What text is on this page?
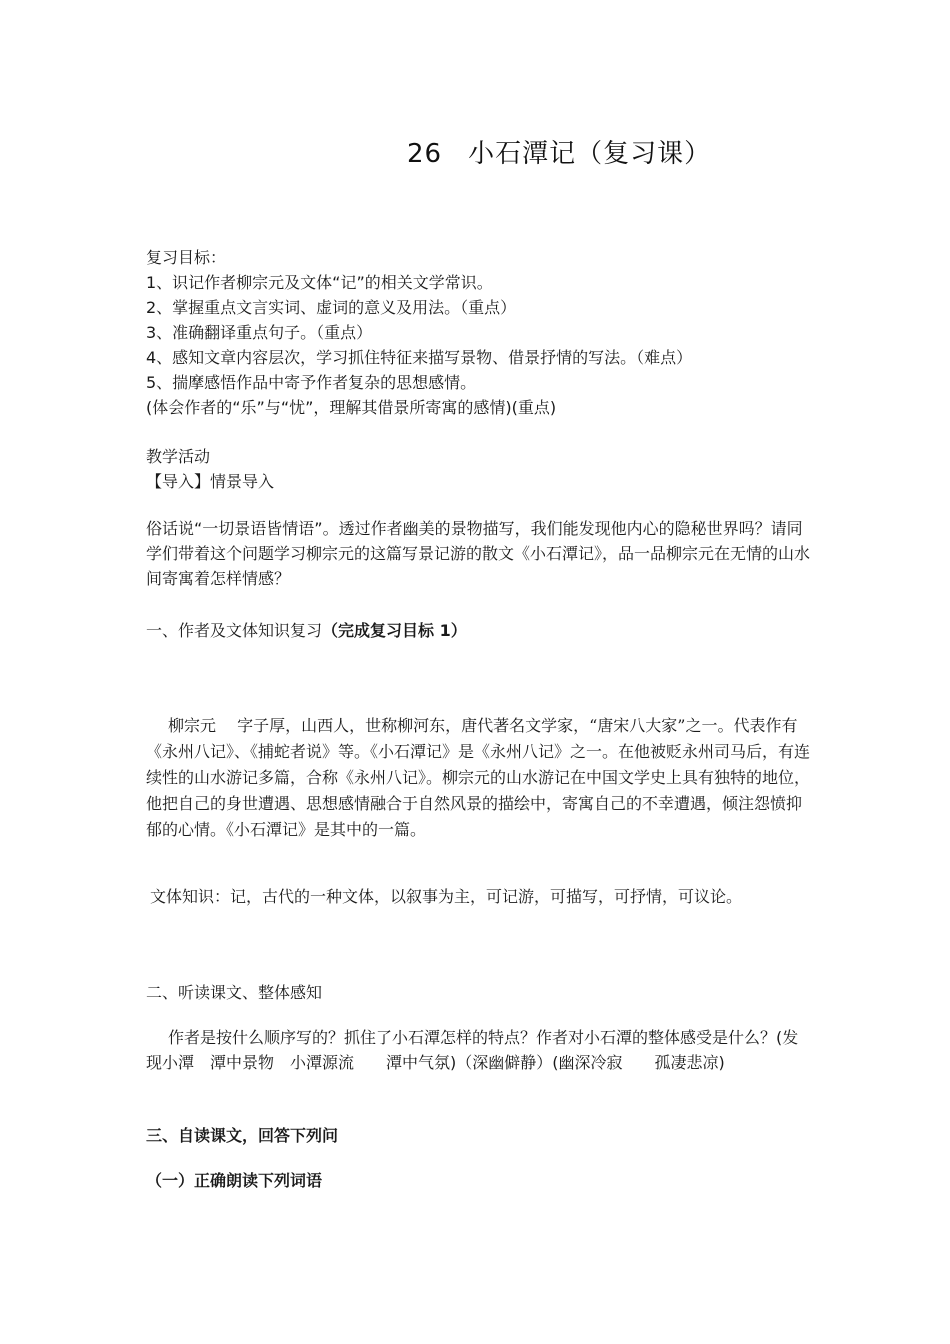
26 小石潭记（复习课）
复习目标：
1、识记作者柳宗元及文体“记”的相关文学常识。
2、掌握重点文言实词、虚词的意义及用法。（重点）
3、准确翻译重点句子。（重点）
4、感知文章内容层次，学习抓住特征来描写景物、借景抒情的写法。（难点）
5、揣摩感悟作品中寄予作者复杂的思想感情。
(体会作者的“乐”与“忧”，理解其借景所寄寓的感情)(重点)
教学活动
【导入】情景导入
俗话说“一切景语皆情语”。透过作者幽美的景物描写，我们能发现他内心的隐秘世界吗？请同学们带着这个问题学习柳宗元的这篇写景记游的散文《小石潭记》，品一品柳宗元在无情的山水间寄寓着怎样情感？
一、作者及文体知识复习（完成复习目标 1）
柳宗元　 字子厚，山西人，世称柳河东，唐代著名文学家，“唐宋八大家”之一。代表作有《永州八记》、《捕蛇者说》等。《小石潭记》是《永州八记》之一。在他被贬永州司马后，有连续性的山水游记多篇，合称《永州八记》。柳宗元的山水游记在中国文学史上具有独特的地位，他把自己的身世遭遇、思想感情融合于自然风景的描绘中，寄寓自己的不幸遭遇，倾注怨愤抑郁的心情。《小石潭记》是其中的一篇。
文体知识：记，古代的一种文体，以叙事为主，可记游，可描写，可抒情，可议论。
二、听读课文、整体感知
作者是按什么顺序写的？抓住了小石潭怎样的特点？作者对小石潭的整体感受是什么？(发现小潭　潭中景物　小潭源流　　潭中气氛)（深幽僻静）(幽深冷寂　　孤凄悲凉)
三、自读课文，回答下列问
（一）正确朗读下列词语
